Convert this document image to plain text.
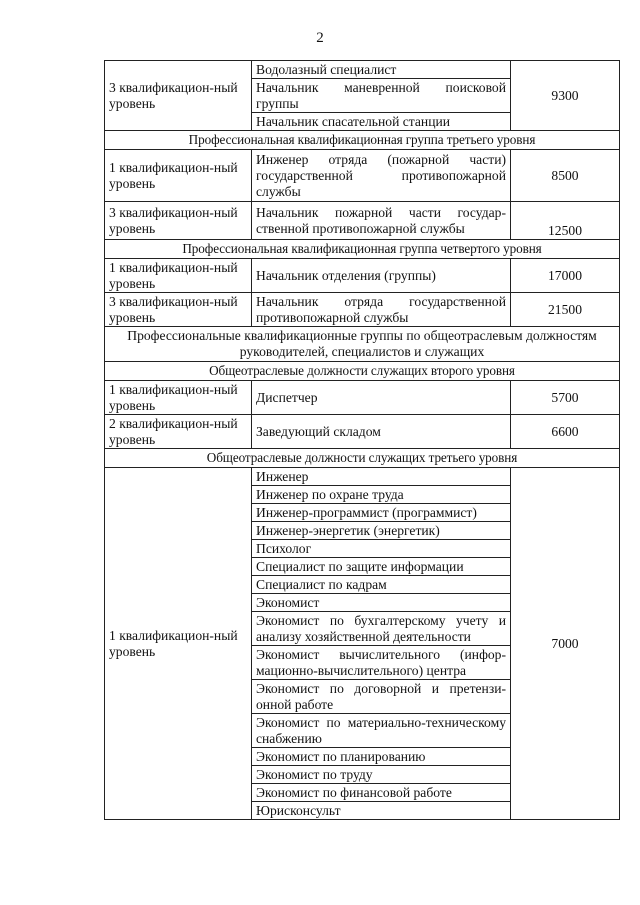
2
3 квалификацион-ный уровень	Водолазный специалист	9300
	Начальник маневренной поисковой группы	
	Начальник спасательной станции	
Профессиональная квалификационная группа третьего уровня		
1 квалификацион-ный уровень	Инженер отряда (пожарной части) государственной противопожарной службы	8500
3 квалификацион-ный уровень	Начальник пожарной части государ-ственной противопожарной службы	12500
Профессиональная квалификационная группа четвертого уровня		
1 квалификацион-ный уровень	Начальник отделения (группы)	17000
3 квалификацион-ный уровень	Начальник отряда государственной противопожарной службы	21500
Профессиональные квалификационные группы по общеотраслевым должностям руководителей, специалистов и служащих		
Общеотраслевые должности служащих второго уровня		
1 квалификацион-ный уровень	Диспетчер	5700
2 квалификацион-ный уровень	Заведующий складом	6600
Общеотраслевые должности служащих третьего уровня		
1 квалификацион-ный уровень	Инженер	7000
	Инженер по охране труда	
	Инженер-программист (программист)	
	Инженер-энергетик (энергетик)	
	Психолог	
	Специалист по защите информации	
	Специалист по кадрам	
	Экономист	
	Экономист по бухгалтерскому учету и анализу хозяйственной деятельности	
	Экономист вычислительного (инфор-мационно-вычислительного) центра	
	Экономист по договорной и претензи-онной работе	
	Экономист по материально-техническому снабжению	
	Экономист по планированию	
	Экономист по труду	
	Экономист по финансовой работе	
	Юрисконсульт	
